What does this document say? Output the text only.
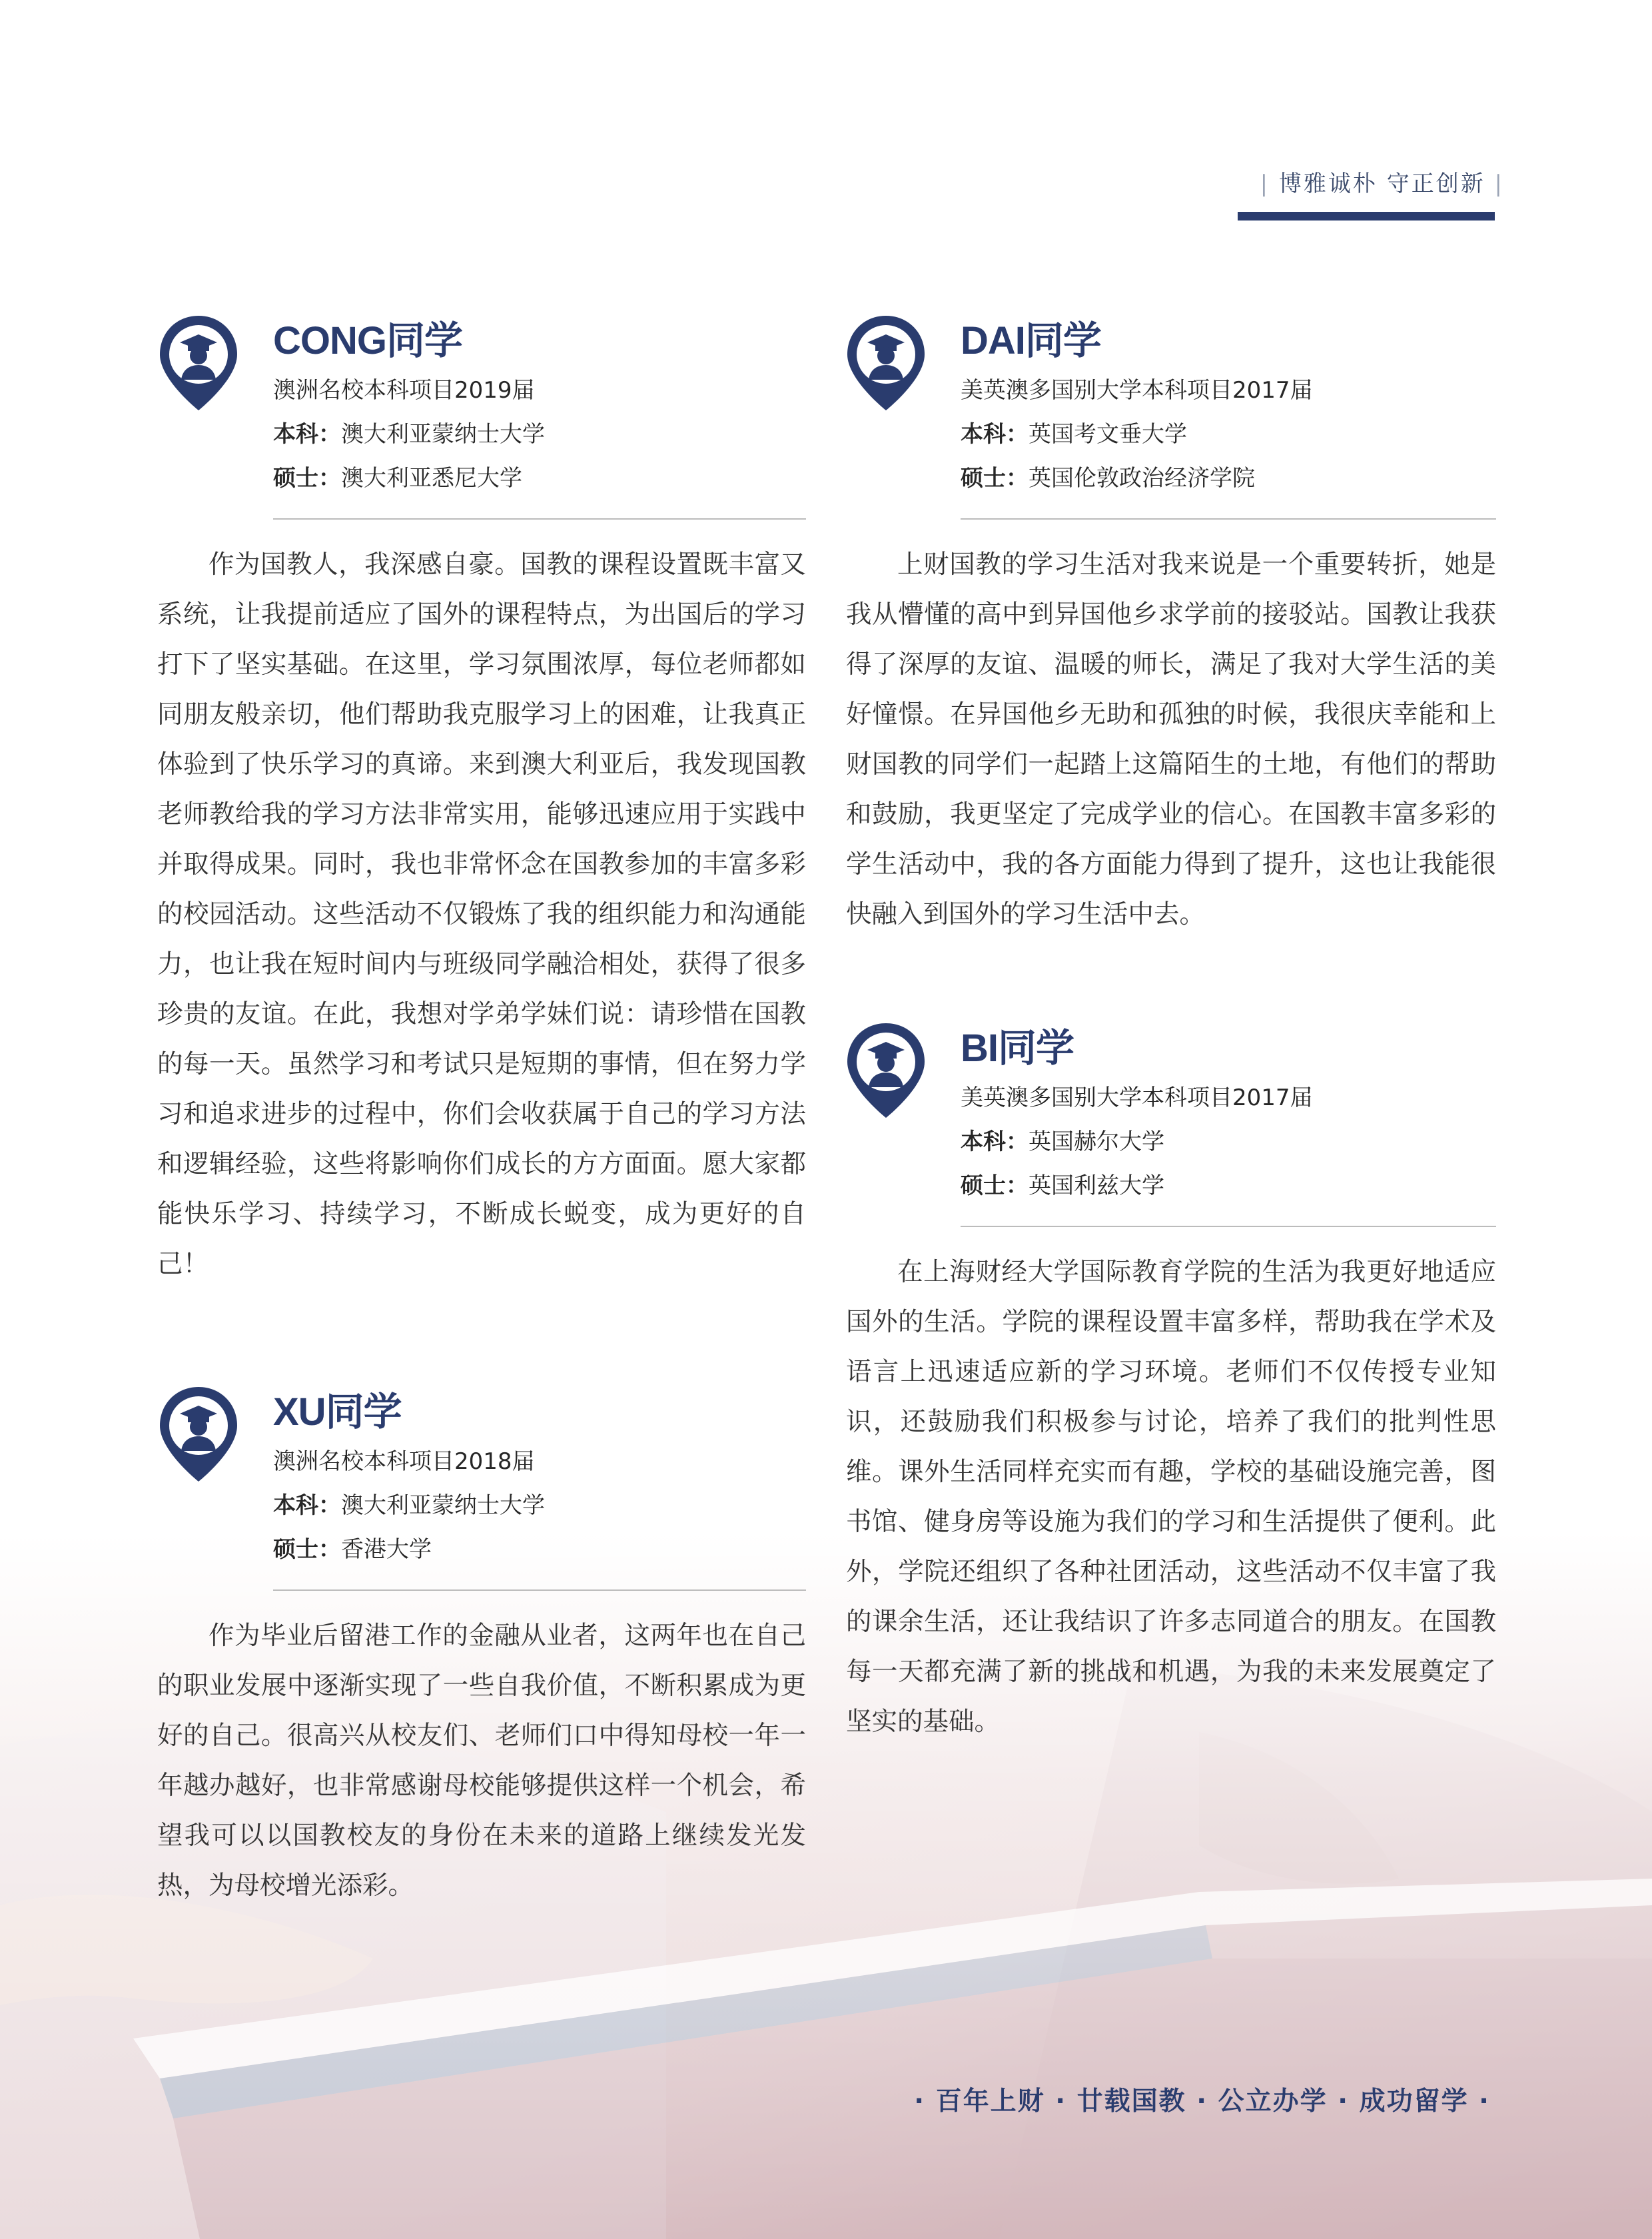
| 博雅诚朴 守正创新 |
CONG同学
澳洲名校本科项目2019届
本科：澳大利亚蒙纳士大学
硕士：澳大利亚悉尼大学

作为国教人，我深感自豪。国教的课程设置既丰富又系统，让我提前适应了国外的课程特点，为出国后的学习打下了坚实基础。在这里，学习氛围浓厚，每位老师都如同朋友般亲切，他们帮助我克服学习上的困难，让我真正体验到了快乐学习的真谛。来到澳大利亚后，我发现国教老师教给我的学习方法非常实用，能够迅速应用于实践中并取得成果。同时，我也非常怀念在国教参加的丰富多彩的校园活动。这些活动不仅锻炼了我的组织能力和沟通能力，也让我在短时间内与班级同学融洽相处，获得了很多珍贵的友谊。在此，我想对学弟学妹们说：请珍惜在国教的每一天。虽然学习和考试只是短期的事情，但在努力学习和追求进步的过程中，你们会收获属于自己的学习方法和逻辑经验，这些将影响你们成长的方方面面。愿大家都能快乐学习、持续学习，不断成长蜕变，成为更好的自己！

XU同学
澳洲名校本科项目2018届
本科：澳大利亚蒙纳士大学
硕士：香港大学

作为毕业后留港工作的金融从业者，这两年也在自己的职业发展中逐渐实现了一些自我价值，不断积累成为更好的自己。很高兴从校友们、老师们口中得知母校一年一年越办越好，也非常感谢母校能够提供这样一个机会，希望我可以以国教校友的身份在未来的道路上继续发光发热，为母校增光添彩。

DAI同学
美英澳多国别大学本科项目2017届
本科：英国考文垂大学
硕士：英国伦敦政治经济学院

上财国教的学习生活对我来说是一个重要转折，她是我从懵懂的高中到异国他乡求学前的接驳站。国教让我获得了深厚的友谊、温暖的师长，满足了我对大学生活的美好憧憬。在异国他乡无助和孤独的时候，我很庆幸能和上财国教的同学们一起踏上这篇陌生的土地，有他们的帮助和鼓励，我更坚定了完成学业的信心。在国教丰富多彩的学生活动中，我的各方面能力得到了提升，这也让我能很快融入到国外的学习生活中去。

BI同学
美英澳多国别大学本科项目2017届
本科：英国赫尔大学
硕士：英国利兹大学

在上海财经大学国际教育学院的生活为我更好地适应国外的生活。学院的课程设置丰富多样，帮助我在学术及语言上迅速适应新的学习环境。老师们不仅传授专业知识，还鼓励我们积极参与讨论，培养了我们的批判性思维。课外生活同样充实而有趣，学校的基础设施完善，图书馆、健身房等设施为我们的学习和生活提供了便利。此外，学院还组织了各种社团活动，这些活动不仅丰富了我的课余生活，还让我结识了许多志同道合的朋友。在国教每一天都充满了新的挑战和机遇，为我的未来发展奠定了坚实的基础。

· 百年上财 · 廿载国教 · 公立办学 · 成功留学 ·
